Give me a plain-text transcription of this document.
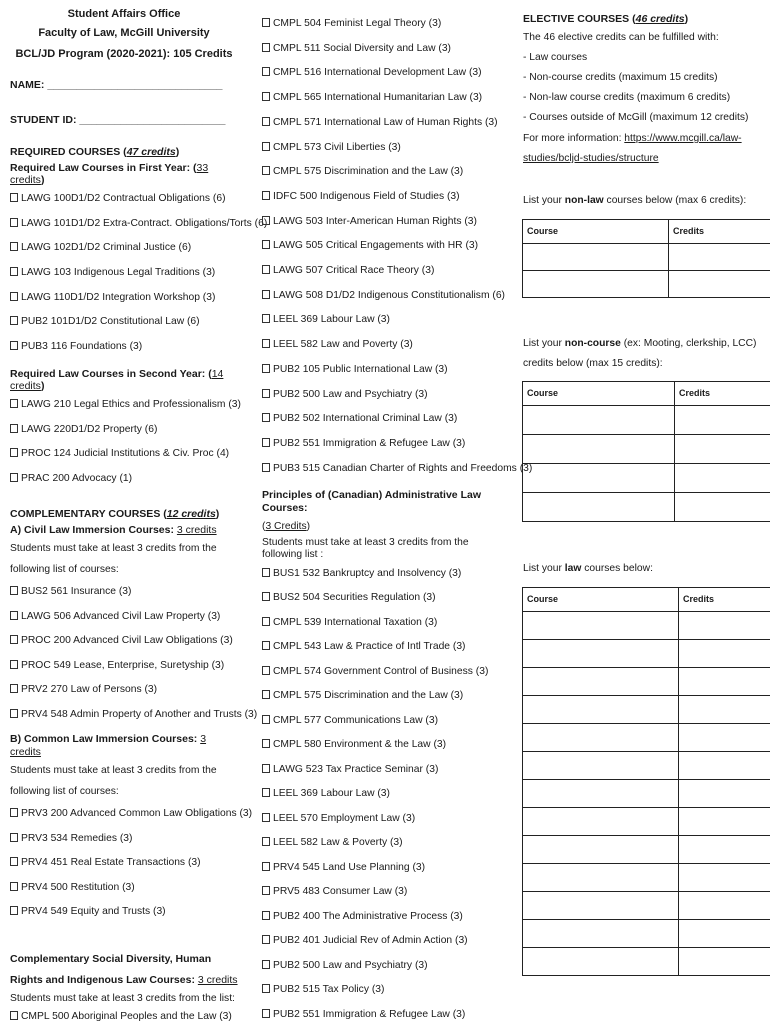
Student Affairs Office
Faculty of Law, McGill University
BCL/JD Program (2020-2021): 105 Credits
NAME: ______________________________
STUDENT ID: _________________________
REQUIRED COURSES (47 credits)
Required Law Courses in First Year: (33 credits)
LAWG 100D1/D2 Contractual Obligations (6)
LAWG 101D1/D2 Extra-Contract. Obligations/Torts (6)
LAWG 102D1/D2 Criminal Justice (6)
LAWG 103 Indigenous Legal Traditions (3)
LAWG 110D1/D2 Integration Workshop (3)
PUB2 101D1/D2 Constitutional Law (6)
PUB3 116 Foundations (3)
Required Law Courses in Second Year: (14 credits)
LAWG 210 Legal Ethics and Professionalism (3)
LAWG 220D1/D2 Property (6)
PROC 124 Judicial Institutions & Civ. Proc (4)
PRAC 200 Advocacy (1)
COMPLEMENTARY COURSES (12 credits)
A) Civil Law Immersion Courses: 3 credits
Students must take at least 3 credits from the following list of courses:
BUS2 561 Insurance (3)
LAWG 506 Advanced Civil Law Property (3)
PROC 200 Advanced Civil Law Obligations (3)
PROC 549 Lease, Enterprise, Suretyship (3)
PRV2 270 Law of Persons (3)
PRV4 548 Admin Property of Another and Trusts (3)
B) Common Law Immersion Courses: 3 credits
Students must take at least 3 credits from the following list of courses:
PRV3 200 Advanced Common Law Obligations (3)
PRV3 534 Remedies (3)
PRV4 451 Real Estate Transactions (3)
PRV4 500 Restitution (3)
PRV4 549 Equity and Trusts (3)
Complementary Social Diversity, Human Rights and Indigenous Law Courses: 3 credits
Students must take at least 3 credits from the list:
CMPL 500 Aboriginal Peoples and the Law (3)
CMPL 504 Feminist Legal Theory (3)
CMPL 511 Social Diversity and Law (3)
CMPL 516 International Development Law (3)
CMPL 565 International Humanitarian Law (3)
CMPL 571 International Law of Human Rights (3)
CMPL 573 Civil Liberties (3)
CMPL 575 Discrimination and the Law (3)
IDFC 500 Indigenous Field of Studies (3)
LAWG 503 Inter-American Human Rights (3)
LAWG 505 Critical Engagements with HR (3)
LAWG 507 Critical Race Theory (3)
LAWG 508 D1/D2 Indigenous Constitutionalism (6)
LEEL 369 Labour Law (3)
LEEL 582 Law and Poverty (3)
PUB2 105 Public International Law (3)
PUB2 500 Law and Psychiatry (3)
PUB2 502 International Criminal Law (3)
PUB2 551 Immigration & Refugee Law (3)
PUB3 515 Canadian Charter of Rights and Freedoms (3)
Principles of (Canadian) Administrative Law Courses:
(3 Credits)
Students must take at least 3 credits from the following list :
BUS1 532 Bankruptcy and Insolvency (3)
BUS2 504 Securities Regulation (3)
CMPL 539 International Taxation (3)
CMPL 543 Law & Practice of Intl Trade (3)
CMPL 574 Government Control of Business (3)
CMPL 575 Discrimination and the Law (3)
CMPL 577 Communications Law (3)
CMPL 580 Environment & the Law (3)
LAWG 523 Tax Practice Seminar (3)
LEEL 369 Labour Law (3)
LEEL 570 Employment Law (3)
LEEL 582 Law & Poverty (3)
PRV4 545 Land Use Planning (3)
PRV5 483 Consumer Law (3)
PUB2 400 The Administrative Process (3)
PUB2 401 Judicial Rev of Admin Action (3)
PUB2 500 Law and Psychiatry (3)
PUB2 515 Tax Policy (3)
PUB2 551 Immigration & Refugee Law (3)
ELECTIVE COURSES (46 credits)
The 46 elective credits can be fulfilled with:
- Law courses
- Non-course credits (maximum 15 credits)
- Non-law course credits (maximum 6 credits)
- Courses outside of McGill (maximum 12 credits)
For more information: https://www.mcgill.ca/law-studies/bcljd-studies/structure
List your non-law courses below (max 6 credits):
Course	Credits

List your non-course (ex: Mooting, clerkship, LCC) credits below (max 15 credits):
Course	Credits

List your law courses below:
Course	Credits
